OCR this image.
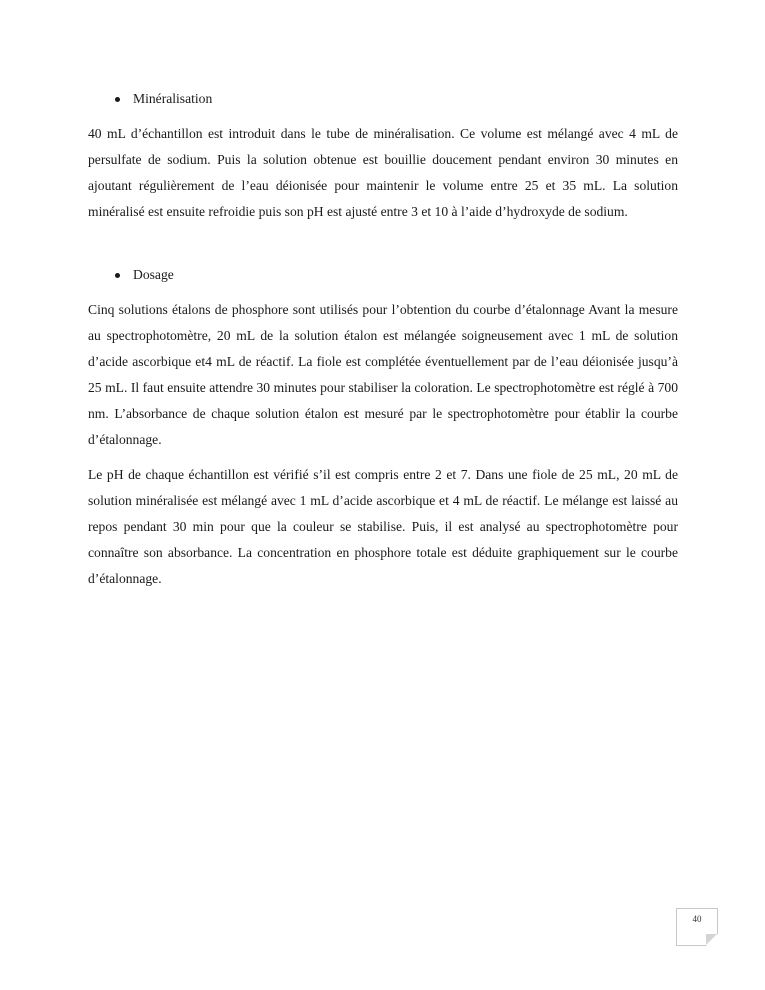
Minéralisation

40 mL d’échantillon est introduit dans le tube de minéralisation. Ce volume est mélangé avec 4 mL de persulfate de sodium. Puis la solution obtenue est bouillie doucement pendant environ 30 minutes en ajoutant régulièrement de l’eau déionisée pour maintenir le volume entre 25 et 35 mL. La solution minéralisé est ensuite refroidie puis son pH est ajusté entre 3 et 10 à l’aide d’hydroxyde de sodium.

Dosage

Cinq solutions étalons de phosphore sont utilisés pour l’obtention du courbe d’étalonnage Avant la mesure au spectrophotomètre, 20 mL de la solution étalon est mélangée soigneusement avec 1 mL de solution d’acide ascorbique et4 mL de réactif. La fiole est complétée éventuellement par de l’eau déionisée jusqu’à 25 mL. Il faut ensuite attendre 30 minutes pour stabiliser la coloration. Le spectrophotomètre est réglé à 700 nm. L’absorbance de chaque solution étalon est mesuré par le spectrophotomètre pour établir la courbe d’étalonnage.

Le pH de chaque échantillon est vérifié s’il est compris entre 2 et 7. Dans une fiole de 25 mL, 20 mL de solution minéralisée est mélangé avec 1 mL d’acide ascorbique et 4 mL de réactif. Le mélange est laissé au repos pendant 30 min pour que la couleur se stabilise. Puis, il est analysé au spectrophotomètre pour connaître son absorbance. La concentration en phosphore totale est déduite graphiquement sur le courbe d’étalonnage.

40
